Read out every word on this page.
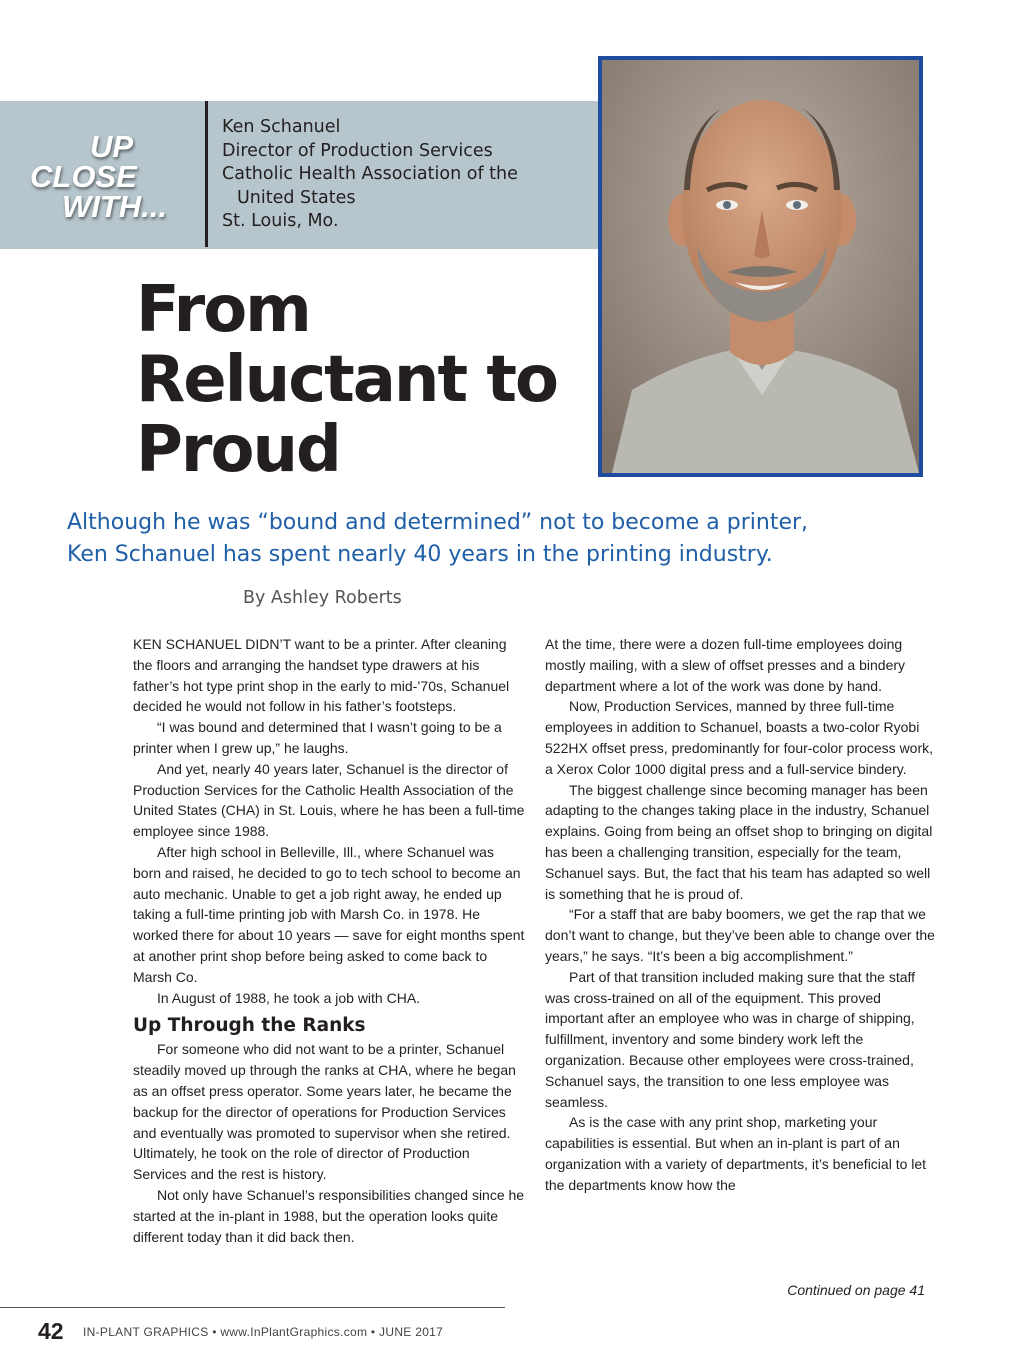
UP
CLOSE
WITH...
Ken Schanuel
Director of Production Services
Catholic Health Association of the
United States
St. Louis, Mo.
From
Reluctant to
Proud
Although he was “bound and determined” not to become a printer,
Ken Schanuel has spent nearly 40 years in the printing industry.
By Ashley Roberts

KEN SCHANUEL DIDN’T want to be a printer. After cleaning the floors and arranging the handset type drawers at his father’s hot type print shop in the early to mid-’70s, Schanuel decided he would not follow in his father’s footsteps.

“I was bound and determined that I wasn’t going to be a printer when I grew up,” he laughs.

And yet, nearly 40 years later, Schanuel is the director of Production Services for the Catholic Health Association of the United States (CHA) in St. Louis, where he has been a full-time employee since 1988.

After high school in Belleville, Ill., where Schanuel was born and raised, he decided to go to tech school to become an auto mechanic. Unable to get a job right away, he ended up taking a full-time printing job with Marsh Co. in 1978. He worked there for about 10 years — save for eight months spent at another print shop before being asked to come back to Marsh Co.

In August of 1988, he took a job with CHA.

Up Through the Ranks

For someone who did not want to be a printer, Schanuel steadily moved up through the ranks at CHA, where he began as an offset press operator. Some years later, he became the backup for the director of operations for Production Services and eventually was promoted to supervisor when she retired. Ultimately, he took on the role of director of Production Services and the rest is history.

Not only have Schanuel’s responsibilities changed since he started at the in-plant in 1988, but the operation looks quite different today than it did back then.

At the time, there were a dozen full-time employees doing mostly mailing, with a slew of offset presses and a bindery department where a lot of the work was done by hand.

Now, Production Services, manned by three full-time employees in addition to Schanuel, boasts a two-color Ryobi 522HX offset press, predominantly for four-color process work, a Xerox Color 1000 digital press and a full-service bindery.

The biggest challenge since becoming manager has been adapting to the changes taking place in the industry, Schanuel explains. Going from being an offset shop to bringing on digital has been a challenging transition, especially for the team, Schanuel says. But, the fact that his team has adapted so well is something that he is proud of.

“For a staff that are baby boomers, we get the rap that we don’t want to change, but they’ve been able to change over the years,” he says. “It’s been a big accomplishment.”

Part of that transition included making sure that the staff was cross-trained on all of the equipment. This proved important after an employee who was in charge of shipping, fulfillment, inventory and some bindery work left the organization. Because other employees were cross-trained, Schanuel says, the transition to one less employee was seamless.

As is the case with any print shop, marketing your capabilities is essential. But when an in-plant is part of an organization with a variety of departments, it’s beneficial to let the departments know how the

Continued on page 41
42 IN-PLANT GRAPHICS • www.InPlantGraphics.com • JUNE 2017
